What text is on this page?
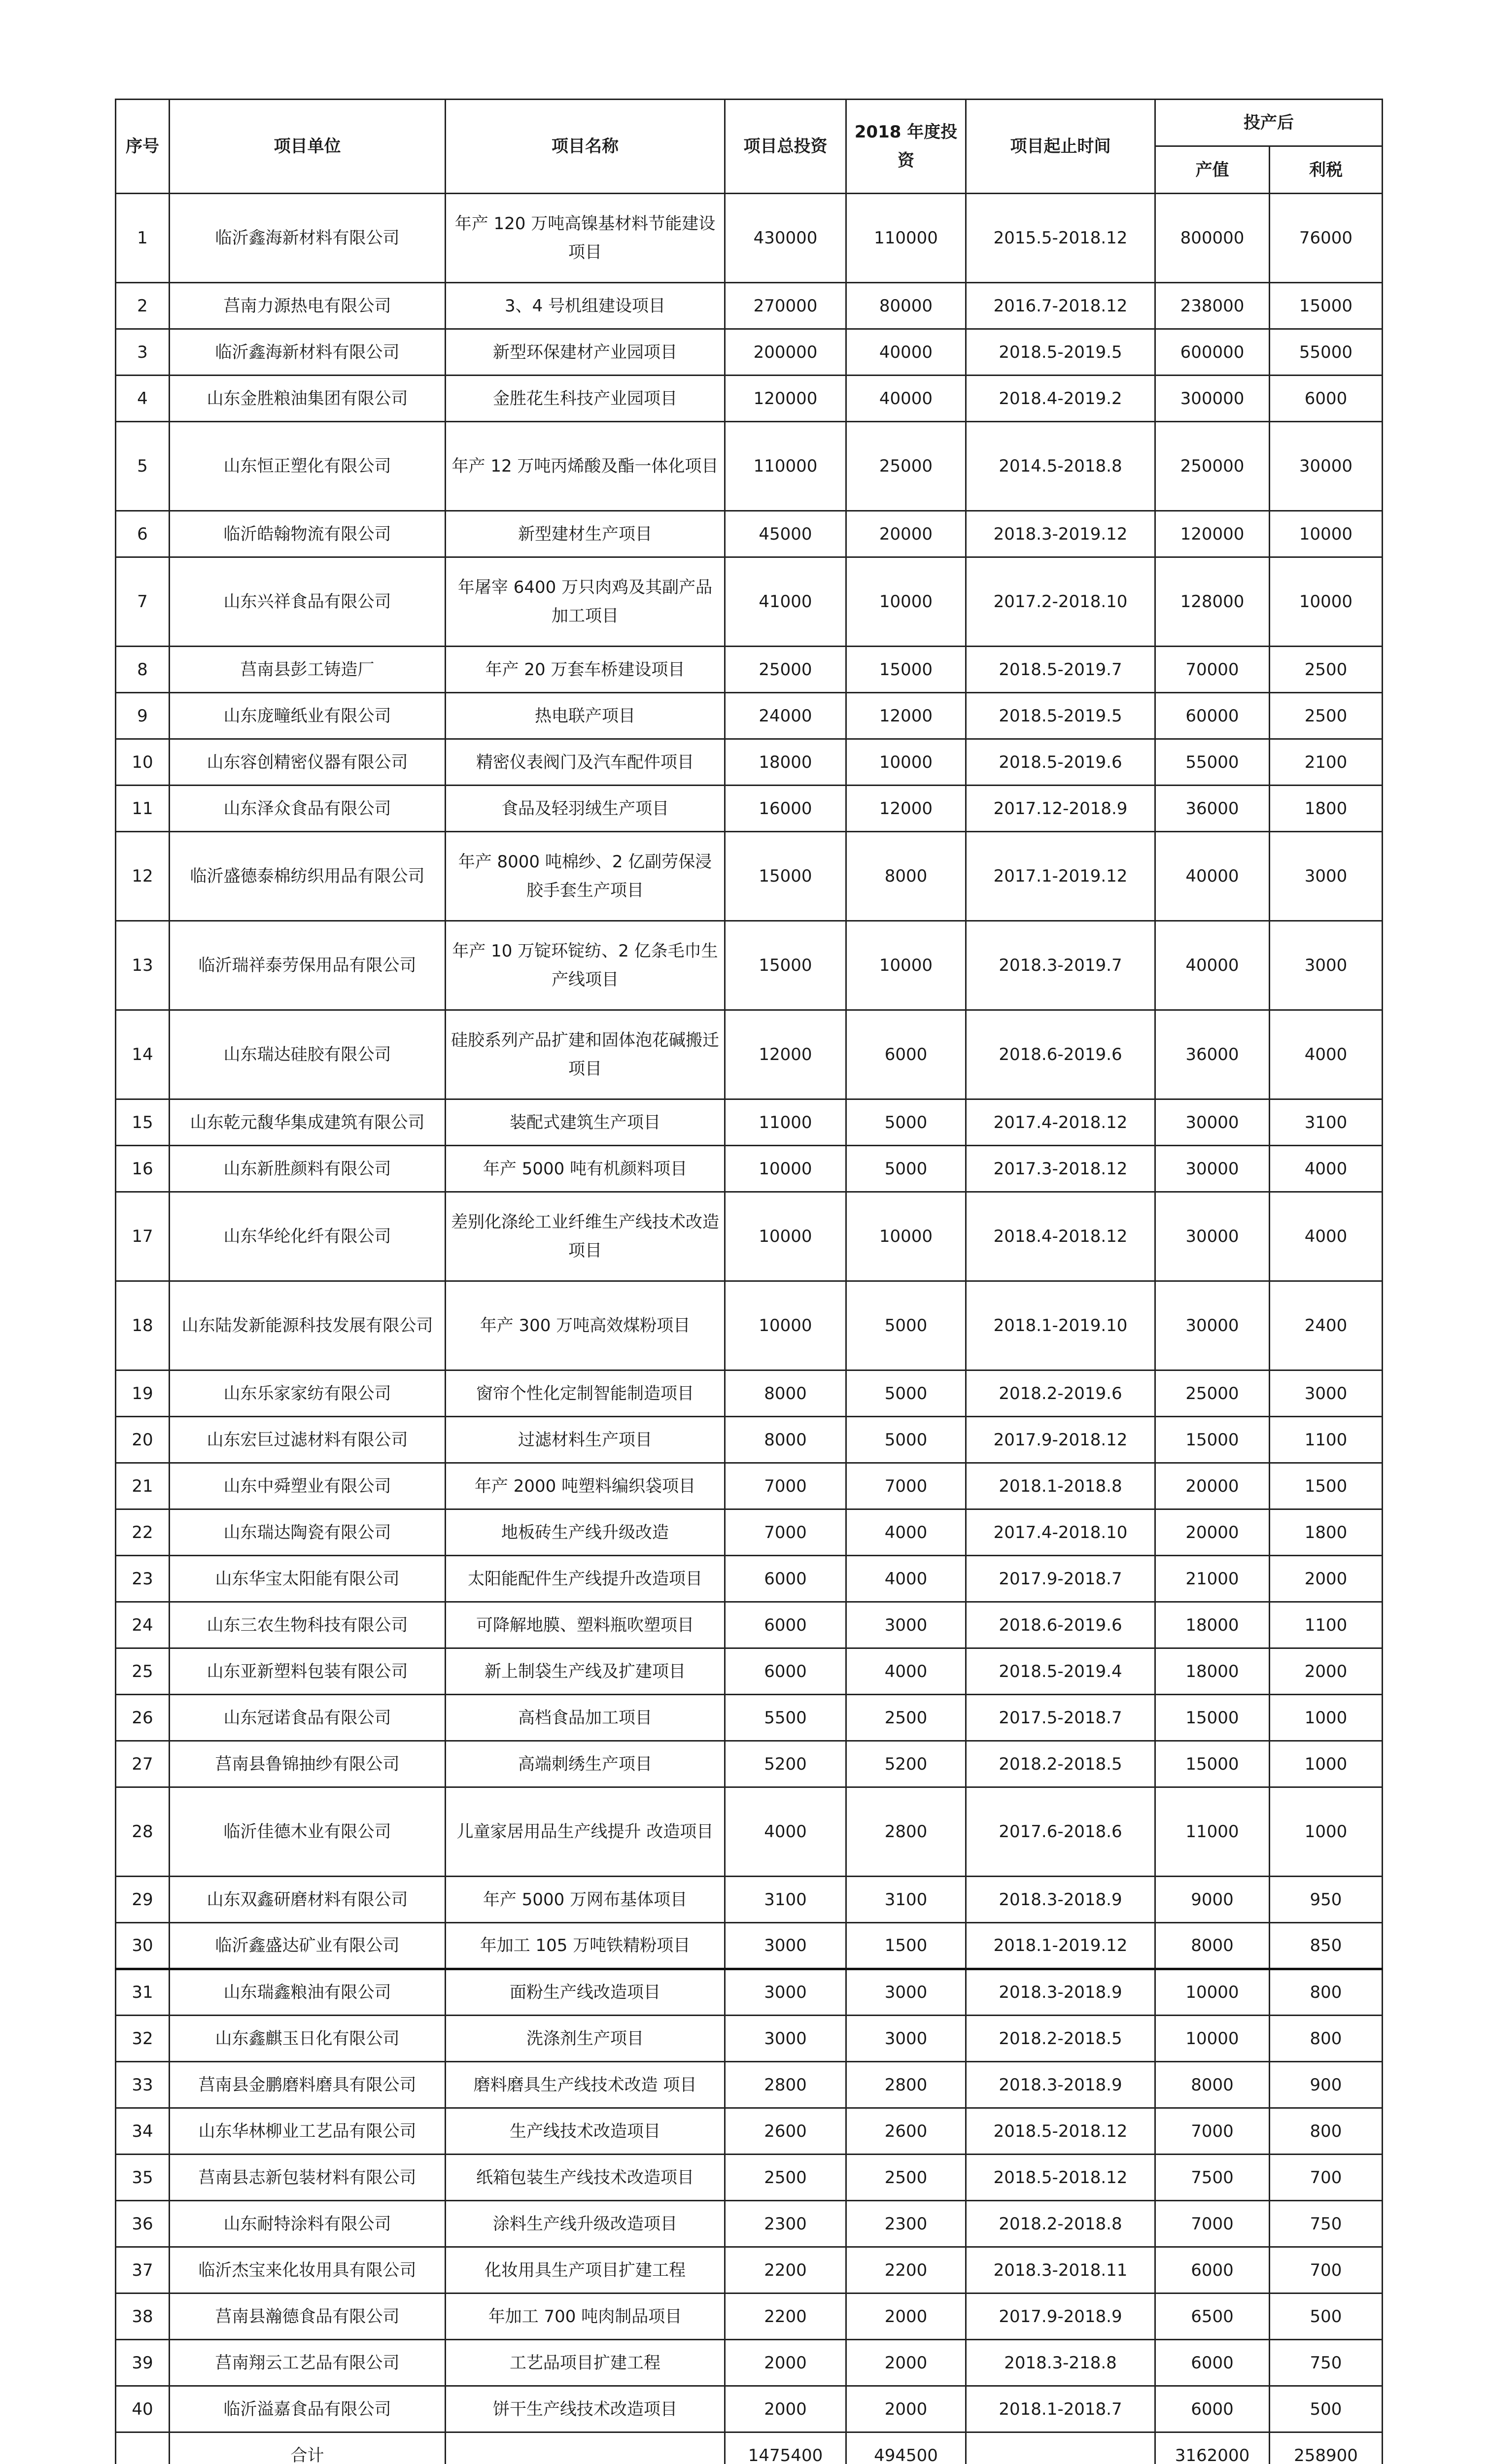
序号	项目单位	项目名称	项目总投资	2018 年度投资	项目起止时间	投产后	
						产值	利税
1	临沂鑫海新材料有限公司	年产 120 万吨高镍基材料节能建设项目	430000	110000	2015.5-2018.12	800000	76000
2	莒南力源热电有限公司	3、4 号机组建设项目	270000	80000	2016.7-2018.12	238000	15000
3	临沂鑫海新材料有限公司	新型环保建材产业园项目	200000	40000	2018.5-2019.5	600000	55000
4	山东金胜粮油集团有限公司	金胜花生科技产业园项目	120000	40000	2018.4-2019.2	300000	6000
5	山东恒正塑化有限公司	年产 12 万吨丙烯酸及酯一体化项目	110000	25000	2014.5-2018.8	250000	30000
6	临沂皓翰物流有限公司	新型建材生产项目	45000	20000	2018.3-2019.12	120000	10000
7	山东兴祥食品有限公司	年屠宰 6400 万只肉鸡及其副产品加工项目	41000	10000	2017.2-2018.10	128000	10000
8	莒南县彭工铸造厂	年产 20 万套车桥建设项目	25000	15000	2018.5-2019.7	70000	2500
9	山东庞疃纸业有限公司	热电联产项目	24000	12000	2018.5-2019.5	60000	2500
10	山东容创精密仪器有限公司	精密仪表阀门及汽车配件项目	18000	10000	2018.5-2019.6	55000	2100
11	山东泽众食品有限公司	食品及轻羽绒生产项目	16000	12000	2017.12-2018.9	36000	1800
12	临沂盛德泰棉纺织用品有限公司	年产 8000 吨棉纱、2 亿副劳保浸胶手套生产项目	15000	8000	2017.1-2019.12	40000	3000
13	临沂瑞祥泰劳保用品有限公司	年产 10 万锭环锭纺、2 亿条毛巾生产线项目	15000	10000	2018.3-2019.7	40000	3000
14	山东瑞达硅胶有限公司	硅胶系列产品扩建和固体泡花碱搬迁项目	12000	6000	2018.6-2019.6	36000	4000
15	山东乾元馥华集成建筑有限公司	装配式建筑生产项目	11000	5000	2017.4-2018.12	30000	3100
16	山东新胜颜料有限公司	年产 5000 吨有机颜料项目	10000	5000	2017.3-2018.12	30000	4000
17	山东华纶化纤有限公司	差别化涤纶工业纤维生产线技术改造项目	10000	10000	2018.4-2018.12	30000	4000
18	山东陆发新能源科技发展有限公司	年产 300 万吨高效煤粉项目	10000	5000	2018.1-2019.10	30000	2400
19	山东乐家家纺有限公司	窗帘个性化定制智能制造项目	8000	5000	2018.2-2019.6	25000	3000
20	山东宏巨过滤材料有限公司	过滤材料生产项目	8000	5000	2017.9-2018.12	15000	1100
21	山东中舜塑业有限公司	年产 2000 吨塑料编织袋项目	7000	7000	2018.1-2018.8	20000	1500
22	山东瑞达陶瓷有限公司	地板砖生产线升级改造	7000	4000	2017.4-2018.10	20000	1800
23	山东华宝太阳能有限公司	太阳能配件生产线提升改造项目	6000	4000	2017.9-2018.7	21000	2000
24	山东三农生物科技有限公司	可降解地膜、塑料瓶吹塑项目	6000	3000	2018.6-2019.6	18000	1100
25	山东亚新塑料包装有限公司	新上制袋生产线及扩建项目	6000	4000	2018.5-2019.4	18000	2000
26	山东冠诺食品有限公司	高档食品加工项目	5500	2500	2017.5-2018.7	15000	1000
27	莒南县鲁锦抽纱有限公司	高端刺绣生产项目	5200	5200	2018.2-2018.5	15000	1000
28	临沂佳德木业有限公司	儿童家居用品生产线提升 改造项目	4000	2800	2017.6-2018.6	11000	1000
29	山东双鑫研磨材料有限公司	年产 5000 万网布基体项目	3100	3100	2018.3-2018.9	9000	950
30	临沂鑫盛达矿业有限公司	年加工 105 万吨铁精粉项目	3000	1500	2018.1-2019.12	8000	850
31	山东瑞鑫粮油有限公司	面粉生产线改造项目	3000	3000	2018.3-2018.9	10000	800
32	山东鑫麒玉日化有限公司	洗涤剂生产项目	3000	3000	2018.2-2018.5	10000	800
33	莒南县金鹏磨料磨具有限公司	磨料磨具生产线技术改造 项目	2800	2800	2018.3-2018.9	8000	900
34	山东华林柳业工艺品有限公司	生产线技术改造项目	2600	2600	2018.5-2018.12	7000	800
35	莒南县志新包装材料有限公司	纸箱包装生产线技术改造项目	2500	2500	2018.5-2018.12	7500	700
36	山东耐特涂料有限公司	涂料生产线升级改造项目	2300	2300	2018.2-2018.8	7000	750
37	临沂杰宝来化妆用具有限公司	化妆用具生产项目扩建工程	2200	2200	2018.3-2018.11	6000	700
38	莒南县瀚德食品有限公司	年加工 700 吨肉制品项目	2200	2000	2017.9-2018.9	6500	500
39	莒南翔云工艺品有限公司	工艺品项目扩建工程	2000	2000	2018.3-218.8	6000	750
40	临沂溢嘉食品有限公司	饼干生产线技术改造项目	2000	2000	2018.1-2018.7	6000	500
	合计		1475400	494500		3162000	258900
